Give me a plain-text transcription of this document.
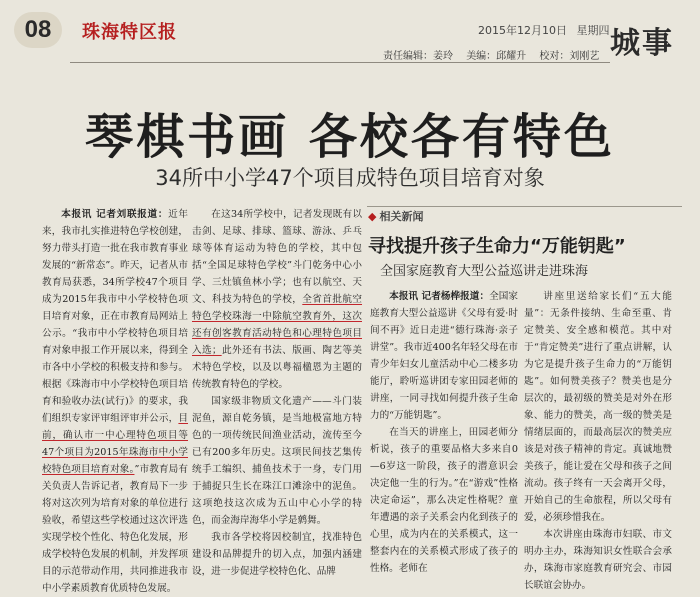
08	珠海特区报	2015年12月10日 星期四 城事
责任编辑：姜玲 美编：邱耀升 校对：刘刚艺
琴棋书画 各校各有特色
34所中小学47个项目成特色项目培育对象

本报讯 记者刘联报道：近年来，我市扎实推进特色学校创建，努力带头打造一批在我市教育事业发展的“新常态”。昨天，记者从市教育局获悉，34所学校47个项目成为2015年我市中小学校特色项目培育对象，正在市教育局网站上公示。“我市中小学校特色项目培育对象申报工作开展以来，得到全市各中小学校的积极支持和参与。根据《珠海市中小学校特色项目培育和验收办法(试行)》的要求，我们组织专家评审组评审并公示，目前，确认市一中心理特色项目等47个项目为2015年珠海市中小学校特色项目培育对象。”市教育局有关负责人告诉记者，教育局下一步将对这次列为培育对象的单位进行验收，希望这些学校通过这次评选实现学校个性化、特色化发展，形成学校特色发展的机制，并发挥项目的示范带动作用，共同推进我市中小学素质教育优质特色发展。

在这34所学校中，记者发现既有以击剑、足球、排球、篮球、游泳、乒乓球等体育运动为特色的学校，其中包括“全国足球特色学校”斗门乾务中心小学、三灶镇鱼林小学；也有以航空、天文、科技为特色的学校，全省首批航空特色学校珠海一中除航空教育外，这次还有创客教育活动特色和心理特色项目入选；此外还有书法、版画、陶艺等美术特色学校，以及以粤福楹恩为主题的传统教育特色的学校。

国家级非物质文化遗产——斗门装泥鱼，源自乾务镇，是当地极富地方特色的一项传统民间渔业活动，流传至今已有200多年历史。这项民间技艺集传统手工编织、捕鱼技术于一身，专门用于捕捉只生长在珠江口滩涂中的泥鱼。这项绝技这次成为五山中心小学的特色，而金海岸海华小学是鹩舞。

我市各学校将因校制宜，找准特色建设和品牌提升的切入点，加强内涵建设，进一步促进学校特色化、品牌

◆ 相关新闻
寻找提升孩子生命力“万能钥匙”
全国家庭教育大型公益巡讲走进珠海

本报讯 记者杨桦报道：全国家庭教育大型公益巡讲《父母有爱·时间不再》近日走进“德行珠海·亲子讲堂”。我市近400名年轻父母在市青少年妇女儿童活动中心二楼多功能厅，聆听巡讲团专家田园老师的讲座，一同寻找如何提升孩子生命力的“万能钥匙”。

在当天的讲座上，田园老师分析说，孩子的重要品格大多来自0—6岁这一阶段，孩子的潜意识会决定他一生的行为。”在“游戏”性格决定命运”，那么决定性格呢？童年遭遇的亲子关系会内化到孩子的心里，成为内在的关系模式，这一整套内在的关系模式形成了孩子的性格。老师在

讲座里送给家长们“五大能量”：无条件接纳、生命至重、肯定赞美、安全感和模范。其中对于“肯定赞美”进行了重点讲解，认为它是提升孩子生命力的“万能钥匙”。如何赞美孩子？赞美也是分层次的，最初级的赞美是对外在形象、能力的赞美，高一级的赞美是情绪层面的，而最高层次的赞美应该是对孩子精神的肯定。真诚地赞美孩子，能让爱在父母和孩子之间流动。孩子终有一天会离开父母，开始自己的生命旅程，所以父母有爱，必须珍惜我在。

本次讲座由珠海市妇联、市文明办主办，珠海知识女性联合会承办，珠海市家庭教育研究会、市园长联谊会协办。
